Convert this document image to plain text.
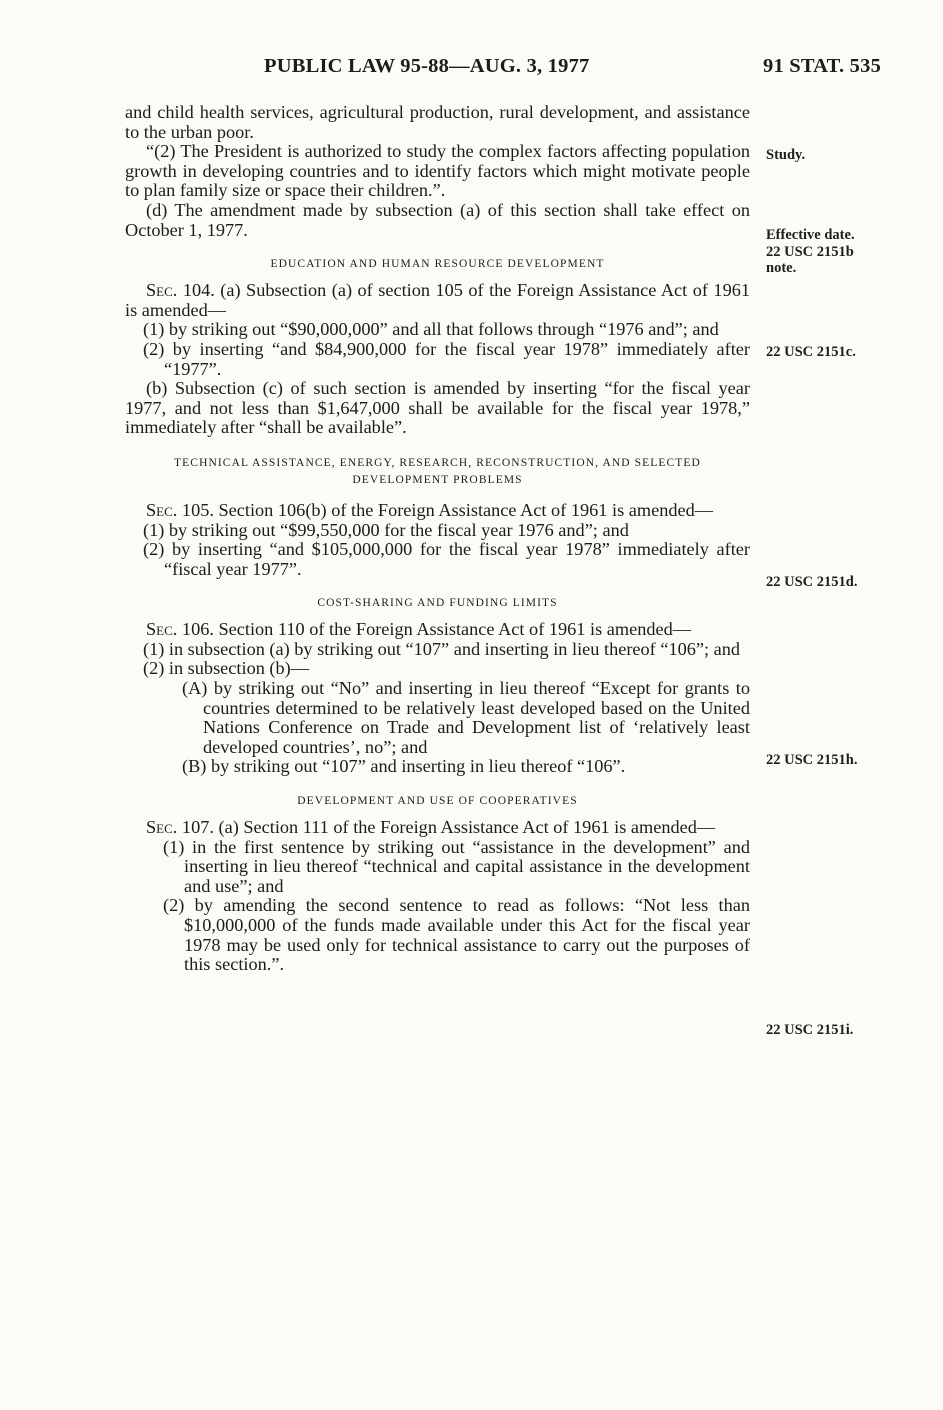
PUBLIC LAW 95-88—AUG. 3, 1977	91 STAT. 535

and child health services, agricultural production, rural development, and assistance to the urban poor.

“(2) The President is authorized to study the complex factors affecting population growth in developing countries and to identify factors which might motivate people to plan family size or space their children.”.

(d) The amendment made by subsection (a) of this section shall take effect on October 1, 1977.

EDUCATION AND HUMAN RESOURCE DEVELOPMENT

Sec. 104. (a) Subsection (a) of section 105 of the Foreign Assistance Act of 1961 is amended—

(1) by striking out “$90,000,000” and all that follows through “1976 and”; and

(2) by inserting “and $84,900,000 for the fiscal year 1978” immediately after “1977”.

(b) Subsection (c) of such section is amended by inserting “for the fiscal year 1977, and not less than $1,647,000 shall be available for the fiscal year 1978,” immediately after “shall be available”.

TECHNICAL ASSISTANCE, ENERGY, RESEARCH, RECONSTRUCTION, AND SELECTED DEVELOPMENT PROBLEMS

Sec. 105. Section 106(b) of the Foreign Assistance Act of 1961 is amended—

(1) by striking out “$99,550,000 for the fiscal year 1976 and”; and

(2) by inserting “and $105,000,000 for the fiscal year 1978” immediately after “fiscal year 1977”.

COST-SHARING AND FUNDING LIMITS

Sec. 106. Section 110 of the Foreign Assistance Act of 1961 is amended—

(1) in subsection (a) by striking out “107” and inserting in lieu thereof “106”; and

(2) in subsection (b)—

(A) by striking out “No” and inserting in lieu thereof “Except for grants to countries determined to be relatively least developed based on the United Nations Conference on Trade and Development list of ‘relatively least developed countries’, no”; and

(B) by striking out “107” and inserting in lieu thereof “106”.

DEVELOPMENT AND USE OF COOPERATIVES

Sec. 107. (a) Section 111 of the Foreign Assistance Act of 1961 is amended—

(1) in the first sentence by striking out “assistance in the development” and inserting in lieu thereof “technical and capital assistance in the development and use”; and

(2) by amending the second sentence to read as follows: “Not less than $10,000,000 of the funds made available under this Act for the fiscal year 1978 may be used only for technical assistance to carry out the purposes of this section.”.

Study.
Effective date.
22 USC 2151b
note.
22 USC 2151c.
22 USC 2151d.
22 USC 2151h.
22 USC 2151i.
